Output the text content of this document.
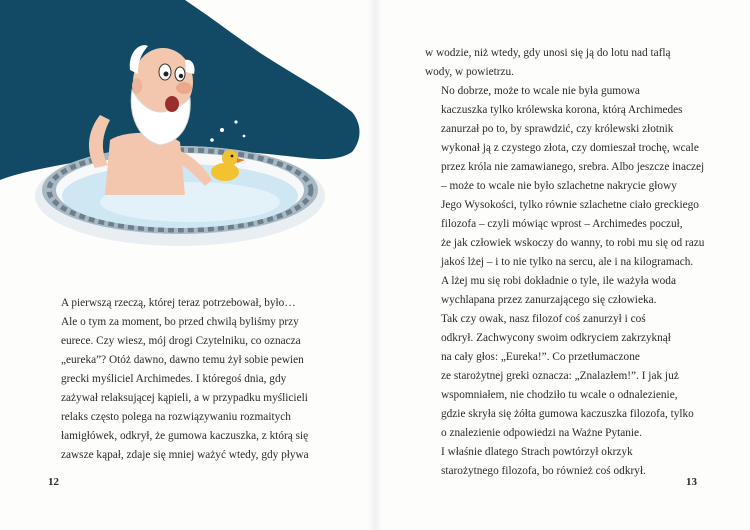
A pierwszą rzeczą, której teraz potrzebował, było…

Ale o tym za moment, bo przed chwilą byliśmy przy
eurece. Czy wiesz, mój drogi Czytelniku, co oznacza
„eureka”? Otóż dawno, dawno temu żył sobie pewien
grecki myśliciel Archimedes. I któregoś dnia, gdy
zażywał relaksującej kąpieli, a w przypadku myślicieli
relaks często polega na rozwiązywaniu rozmaitych
łamigłówek, odkrył, że gumowa kaczuszka, z którą się
zawsze kąpał, zdaje się mniej ważyć wtedy, gdy pływa

12	13

w wodzie, niż wtedy, gdy unosi się ją do lotu nad taflą
wody, w powietrzu.

No dobrze, może to wcale nie była gumowa
kaczuszka tylko królewska korona, którą Archimedes
zanurzał po to, by sprawdzić, czy królewski złotnik
wykonał ją z czystego złota, czy domieszał trochę, wcale
przez króla nie zamawianego, srebra. Albo jeszcze inaczej
– może to wcale nie było szlachetne nakrycie głowy
Jego Wysokości, tylko równie szlachetne ciało greckiego
filozofa – czyli mówiąc wprost – Archimedes poczuł,
że jak człowiek wskoczy do wanny, to robi mu się od razu
jakoś lżej – i to nie tylko na sercu, ale i na kilogramach.
A lżej mu się robi dokładnie o tyle, ile ważyła woda
wychlapana przez zanurzającego się człowieka.

Tak czy owak, nasz filozof coś zanurzył i coś
odkrył. Zachwycony swoim odkryciem zakrzyknął
na cały głos: „Eureka!”. Co przetłumaczone
ze starożytnej greki oznacza: „Znalazłem!”. I jak już
wspomniałem, nie chodziło tu wcale o odnalezienie,
gdzie skryła się żółta gumowa kaczuszka filozofa, tylko
o znalezienie odpowiedzi na Ważne Pytanie.

I właśnie dlatego Strach powtórzył okrzyk
starożytnego filozofa, bo również coś odkrył.
